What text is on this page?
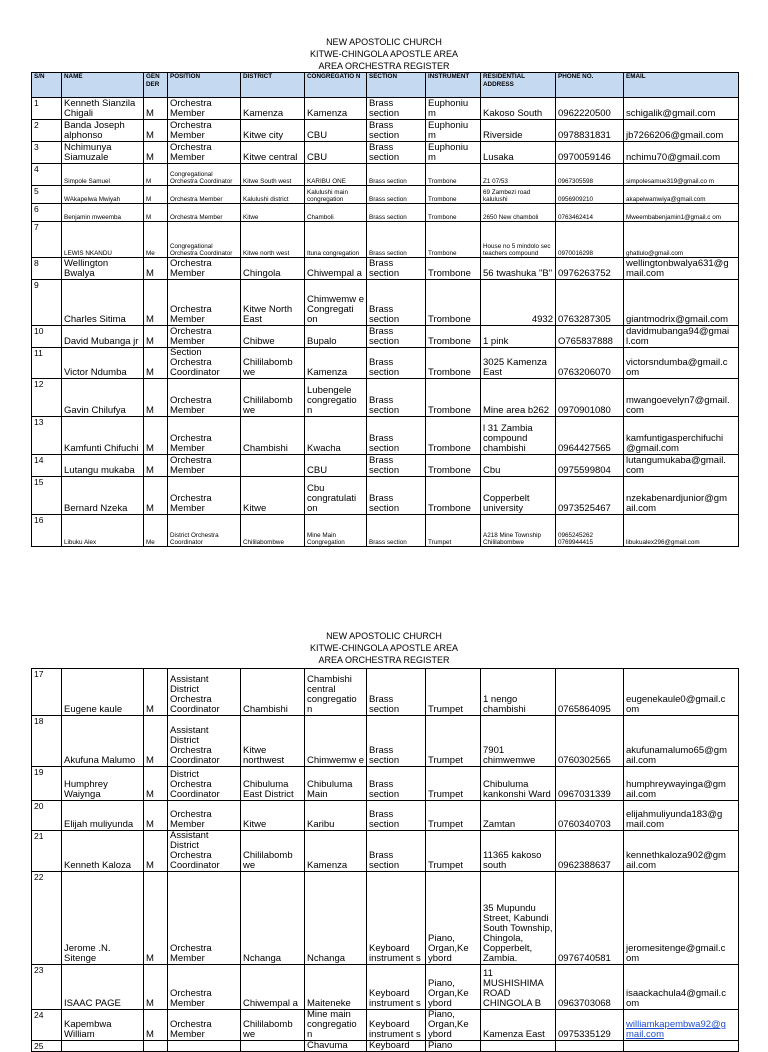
NEW APOSTOLIC CHURCH
KITWE-CHINGOLA APOSTLE AREA
AREA ORCHESTRA REGISTER
S/N	NAME	GEN DER	POSITION	DISTRICT	CONGREGATIO N	SECTION	INSTRUMENT	RESIDENTIAL ADDRESS	PHONE NO.	EMAIL
1	Kenneth Sianzila Chigali	M	Orchestra Member	Kamenza	Kamenza	Brass section	Euphoniu m	Kakoso South	0962220500	schigalik@gmail.com
2	Banda Joseph alphonso	M	Orchestra Member	Kitwe city	CBU	Brass section	Euphoniu m	Riverside	0978831831	jb7266206@gmail.com
3	Nchimunya Siamuzale	M	Orchestra Member	Kitwe central	CBU	Brass section	Euphoniu m	Lusaka	0970059146	nchimu70@gmail.com
4	Simpole Samuel	M	Congregational Orchestra Coordinator	Kitwe South west	KARIBU ONE	Brass section	Trombone	Z1 07/53	0967305598	simpolesamue319@gmail.co m
5	WAkapelwa Mwiyah	M	Orchestra Member	Kalulushi district	Kalulushi main congregation	Brass section	Trombone	69 Zambezi road kalulushi	0956909210	akapelwamwiya@gmail.com
6	Benjamin mweemba	M	Orchestra Member	Kitwe	Chamboli	Brass section	Trombone	2650 New chamboli	0763462414	Mweembabenjamin1@gmail.c om
7	LEWIS NKANDU	Me	Congregational Orchestra Coordinator	Kitwe north west	Ituna congregation	Brass section	Trombone	House no 5 mindolo sec teachers compound	0970016298	ghatlulo@gmail.com
8	Wellington Bwalya	M	Orchestra Member	Chingola	Chiwempal a	Brass section	Trombone	56 twashuka "B"	0976263752	wellingtonbwalya631@g mail.com
9	Charles Sitima	M	Orchestra Member	Kitwe North East	Chimwemw e Congregati on	Brass section	Trombone	4932	0763287305	giantmodrix@gmail.com
10	David Mubanga jr	M	Orchestra Member	Chibwe	Bupalo	Brass section	Trombone	1 pink	O765837888	davidmubanga94@gmai l.com
11	Victor Ndumba	M	Section Orchestra Coordinator	Chililabomb we	Kamenza	Brass section	Trombone	3025 Kamenza East	0763206070	victorsndumba@gmail.c om
12	Gavin Chilufya	M	Orchestra Member	Chililabomb we	Lubengele congregatio n	Brass section	Trombone	Mine area b262	0970901080	mwangoevelyn7@gmail. com
13	Kamfunti Chifuchi	M	Orchestra Member	Chambishi	Kwacha	Brass section	Trombone	l 31 Zambia compound chambishi	0964427565	kamfuntigasperchifuchi @gmail.com
14	Lutangu mukaba	M	Orchestra Member		CBU	Brass section	Trombone	Cbu	0975599804	lutangumukaba@gmail. com
15	Bernard Nzeka	M	Orchestra Member	Kitwe	Cbu congratulati on	Brass section	Trombone	Copperbelt university	0973525467	nzekabenardjunior@gm ail.com
16	Libuku Alex	Me	District Orchestra Coordinator	Chililabombwe	Mine Main Congregation	Brass section	Trumpet	A218 Mine Township Chililabombwe	0965245262 0769944415	libukualex296@gmail.com
NEW APOSTOLIC CHURCH
KITWE-CHINGOLA APOSTLE AREA
AREA ORCHESTRA REGISTER
17	Eugene kaule	M	Assistant District Orchestra Coordinator	Chambishi	Chambishi central congregatio n	Brass section	Trumpet	1 nengo chambishi	0765864095	eugenekaule0@gmail.c om
18	Akufuna Malumo	M	Assistant District Orchestra Coordinator	Kitwe northwest	Chimwemw e	Brass section	Trumpet	7901 chimwemwe	0760302565	akufunamalumo65@gm ail.com
19	Humphrey Waiynga	M	District Orchestra Coordinator	Chibuluma East District	Chibuluma Main	Brass section	Trumpet	Chibuluma kankonshi Ward	0967031339	humphreywayinga@gm ail.com
20	Elijah muliyunda	M	Orchestra Member	Kitwe	Karibu	Brass section	Trumpet	Zamtan	0760340703	elijahmuliyunda183@g mail.com
21	Kenneth Kaloza	M	Assistant District Orchestra Coordinator	Chililabomb we	Kamenza	Brass section	Trumpet	11365 kakoso south	0962388637	kennethkaloza902@gm ail.com
22	Jerome .N. Sitenge	M	Orchestra Member	Nchanga	Nchanga	Keyboard instrument s	Piano, Organ,Ke ybord	35 Mupundu Street, Kabundi South Township, Chingola, Copperbelt, Zambia.	0976740581	jeromesitenge@gmail.c om
23	ISAAC PAGE	M	Orchestra Member	Chiwempal a	Maiteneke	Keyboard instrument s	Piano, Organ,Ke ybord	11 MUSHISHIMA ROAD CHINGOLA B	0963703068	isaackachula4@gmail.c om
24	Kapembwa William	M	Orchestra Member	Chililabomb we	Mine main congregatio n	Keyboard instrument s	Piano, Organ,Ke ybord	Kamenza East	0975335129	williamkapembwa92@g mail.com
25					Chavuma	Keyboard	Piano			
